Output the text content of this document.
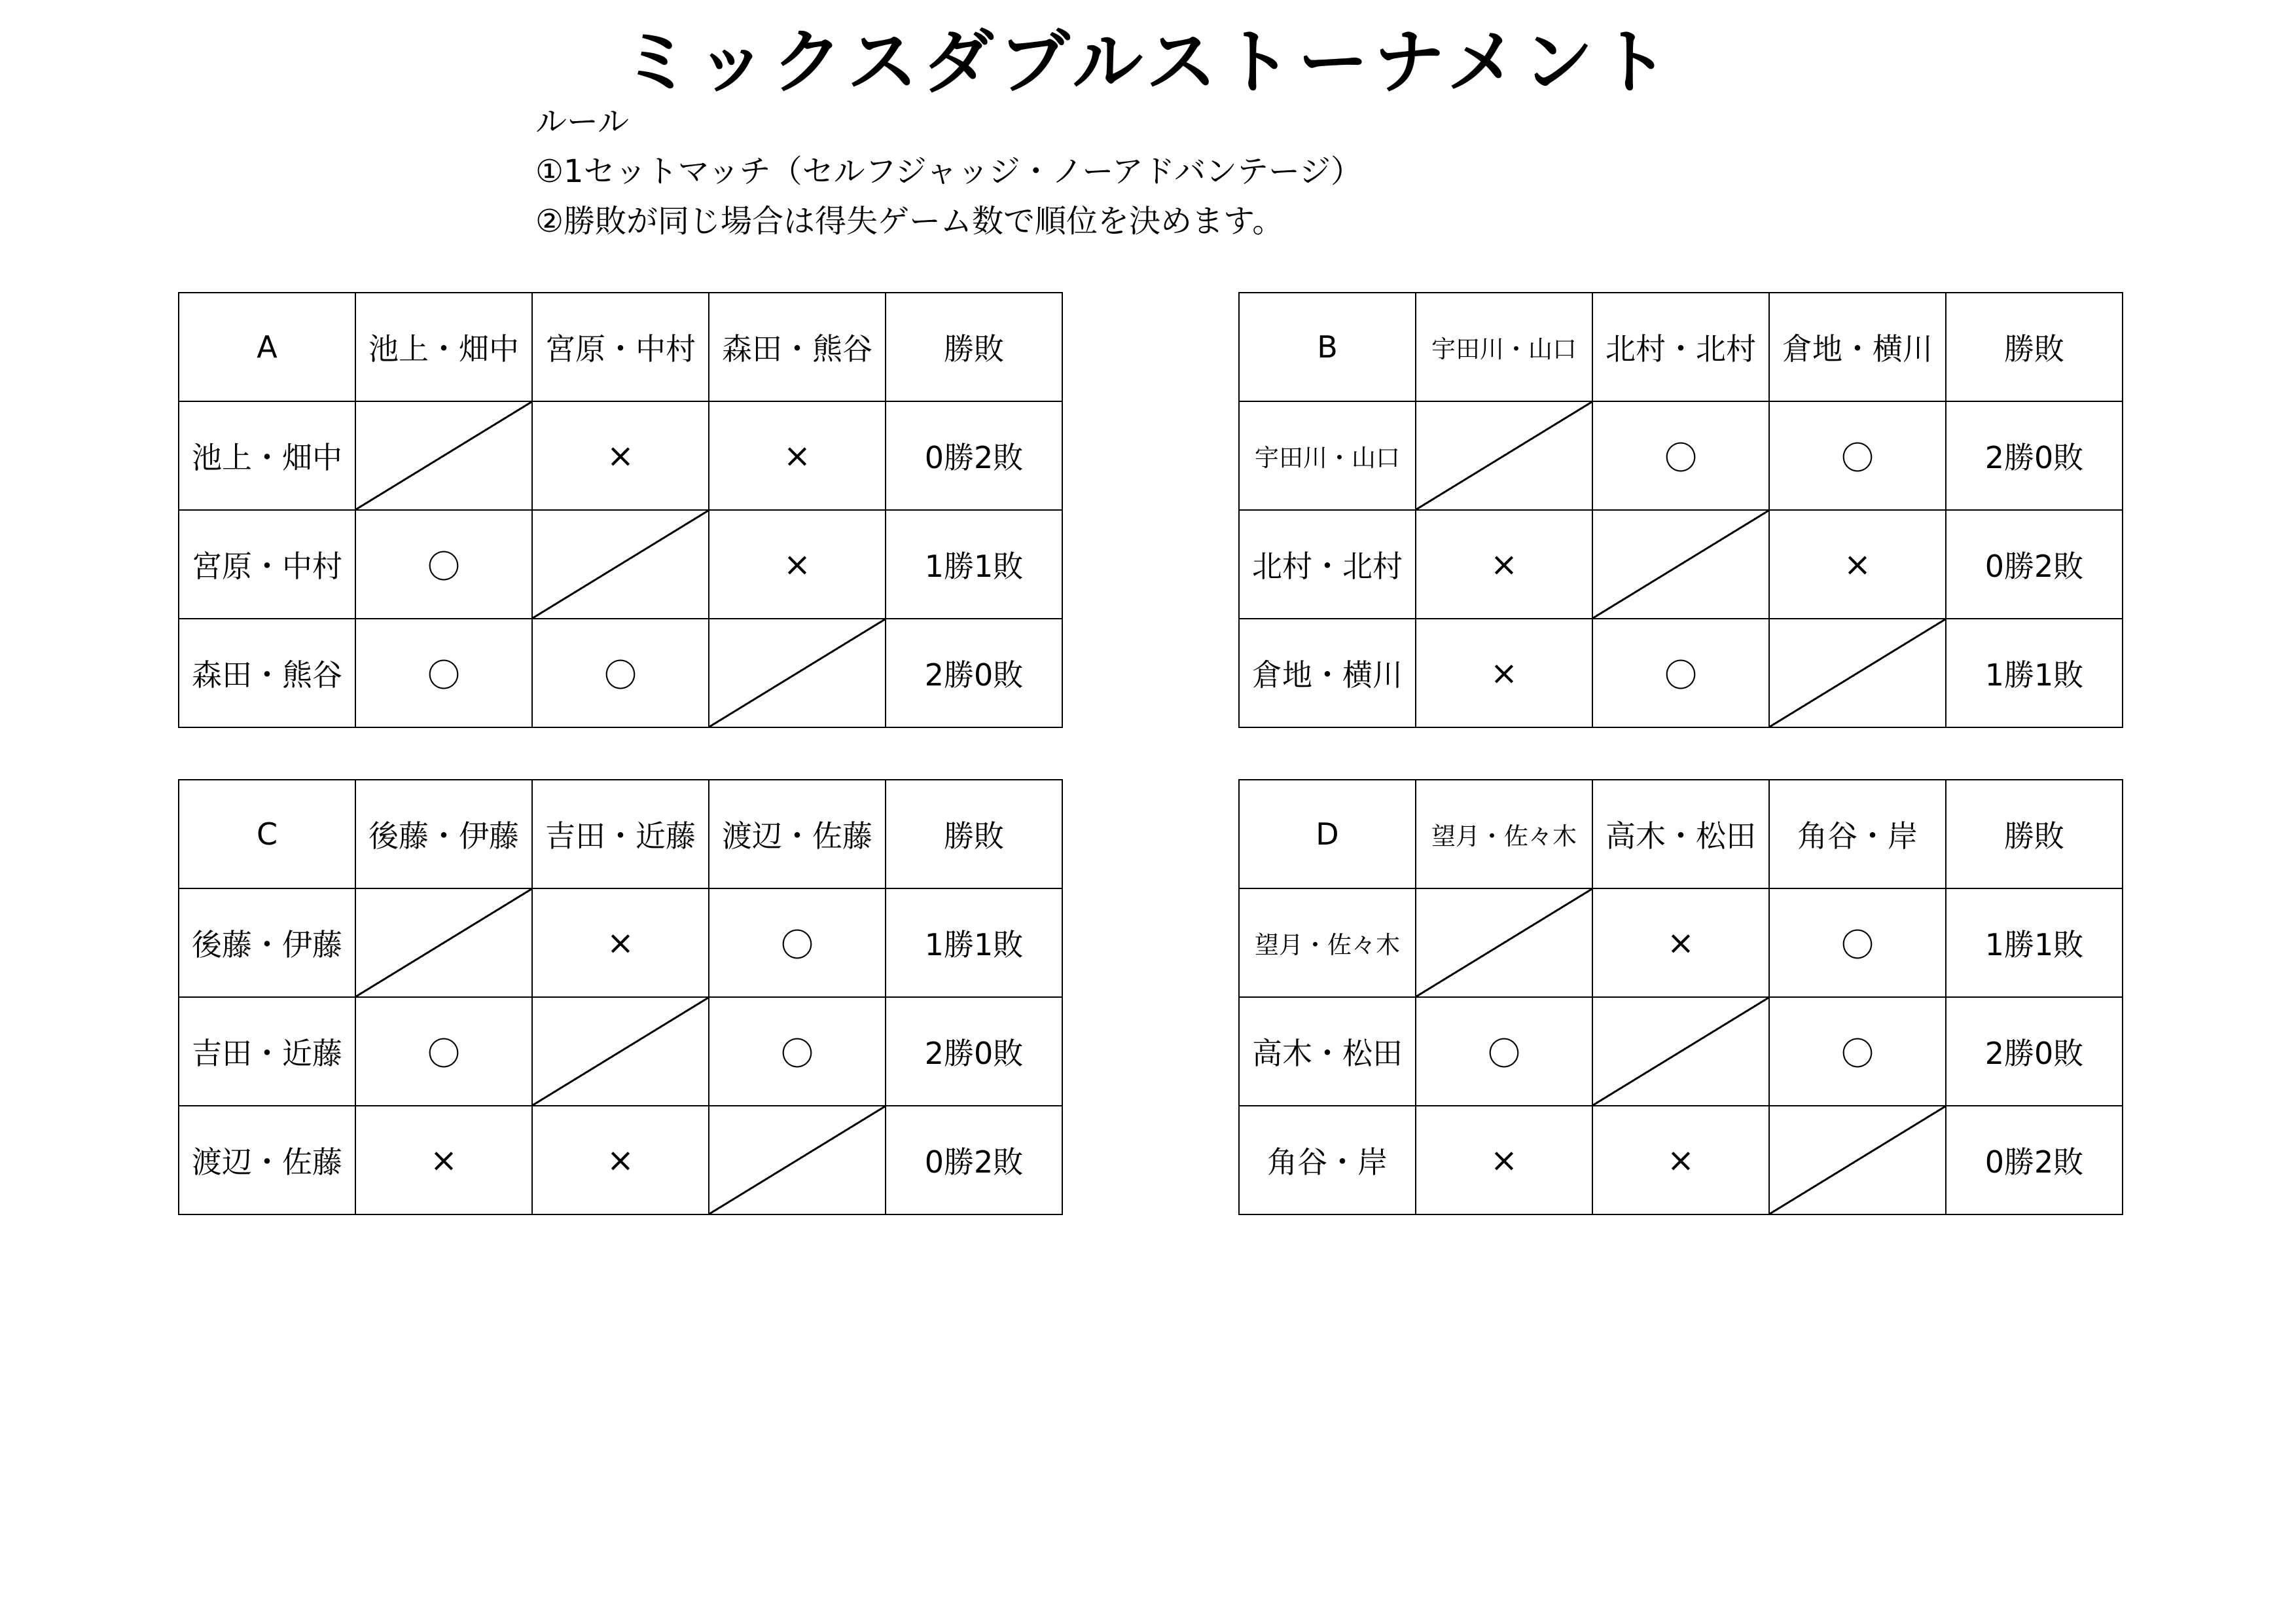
ミックスダブルストーナメント
ルール
①1セットマッチ（セルフジャッジ・ノーアドバンテージ）
②勝敗が同じ場合は得失ゲーム数で順位を決めます。
A	池上・畑中	宮原・中村	森田・熊谷	勝敗
池上・畑中		×	×	0勝2敗
宮原・中村	〇		×	1勝1敗
森田・熊谷	〇	〇		2勝0敗
B	宇田川・山口	北村・北村	倉地・横川	勝敗
宇田川・山口		〇	〇	2勝0敗
北村・北村	×		×	0勝2敗
倉地・横川	×	〇		1勝1敗
C	後藤・伊藤	吉田・近藤	渡辺・佐藤	勝敗
後藤・伊藤		×	〇	1勝1敗
吉田・近藤	〇		〇	2勝0敗
渡辺・佐藤	×	×		0勝2敗
D	望月・佐々木	高木・松田	角谷・岸	勝敗
望月・佐々木		×	〇	1勝1敗
高木・松田	〇		〇	2勝0敗
角谷・岸	×	×		0勝2敗
